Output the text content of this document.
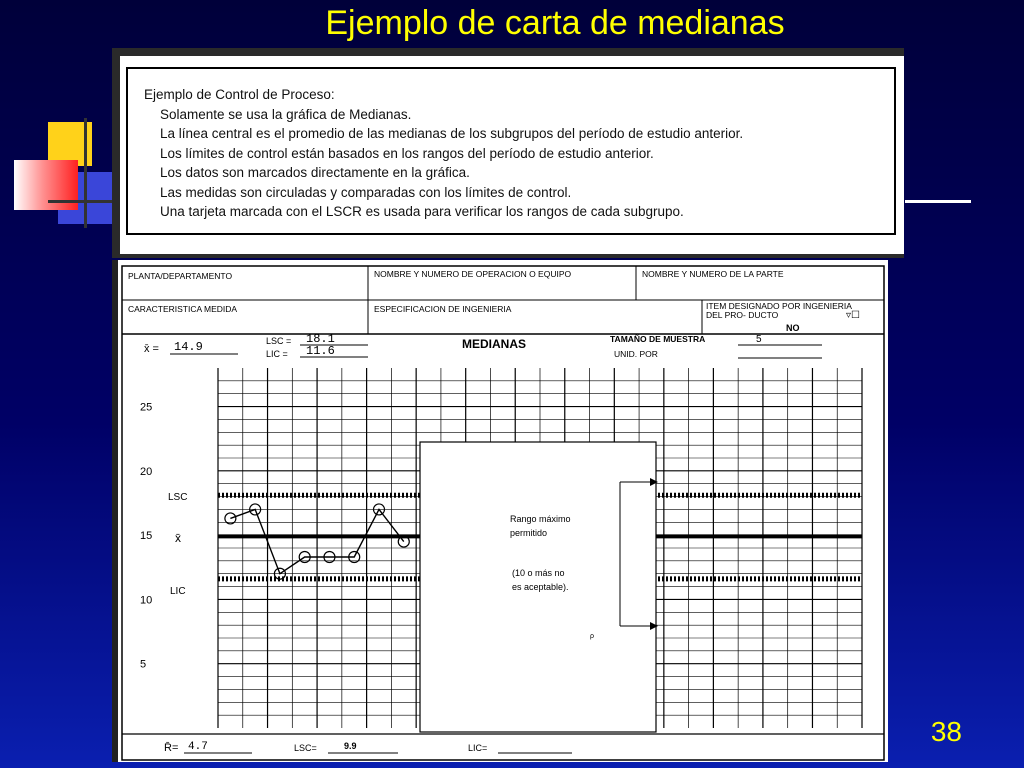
Ejemplo de carta de medianas
Ejemplo de Control de Proceso:
Solamente se usa la gráfica de Medianas.
La línea central es el promedio de las medianas de los subgrupos del período de estudio anterior.
Los límites de control están basados en los rangos del período de estudio anterior.
Los datos son marcados directamente en la gráfica.
Las medidas son circuladas y comparadas con los límites de control.
Una tarjeta marcada con el LSCR es usada para verificar los rangos de cada subgrupo.
PLANTA/DEPARTAMENTO	NOMBRE Y NUMERO DE OPERACION O EQUIPO	NOMBRE Y NUMERO DE LA PARTE
CARACTERISTICA MEDIDA	ESPECIFICACION DE INGENIERIA	ITEM DESIGNADO POR INGENIERIA DEL PRO- DUCTO
NO
▿☐
x̄ = 14.9	LSC = 18.1
LIC = 11.6	MEDIANAS	TAMAÑO DE MUESTRA	5
UNID. POR
5
10
15
20
25
LSC
x̄
LIC
Rango máximo
permitido
(10 o más no
es aceptable).
ρ
R̄= 4.7	LSC=	9.9	LIC=
38
